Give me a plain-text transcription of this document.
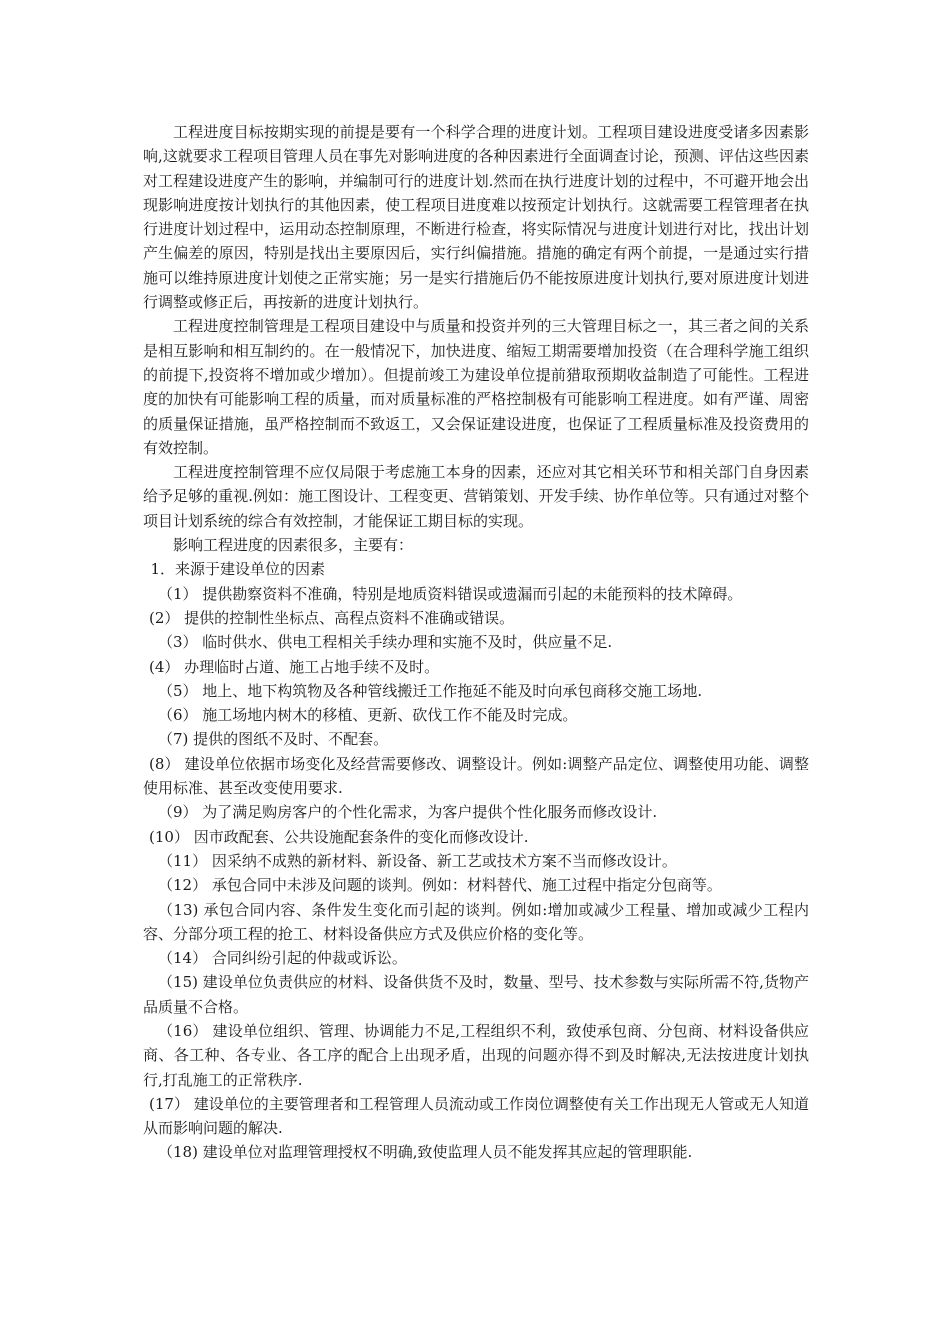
工程进度目标按期实现的前提是要有一个科学合理的进度计划。工程项目建设进度受诸多因素影响,这就要求工程项目管理人员在事先对影响进度的各种因素进行全面调查讨论，预测、评估这些因素对工程建设进度产生的影响，并编制可行的进度计划.然而在执行进度计划的过程中，不可避开地会出现影响进度按计划执行的其他因素，使工程项目进度难以按预定计划执行。这就需要工程管理者在执行进度计划过程中，运用动态控制原理，不断进行检查，将实际情况与进度计划进行对比，找出计划产生偏差的原因，特别是找出主要原因后，实行纠偏措施。措施的确定有两个前提，一是通过实行措施可以维持原进度计划使之正常实施；另一是实行措施后仍不能按原进度计划执行,要对原进度计划进行调整或修正后，再按新的进度计划执行。

工程进度控制管理是工程项目建设中与质量和投资并列的三大管理目标之一，其三者之间的关系是相互影响和相互制约的。在一般情况下，加快进度、缩短工期需要增加投资（在合理科学施工组织的前提下,投资将不增加或少增加）。但提前竣工为建设单位提前猎取预期收益制造了可能性。工程进度的加快有可能影响工程的质量，而对质量标准的严格控制极有可能影响工程进度。如有严谨、周密的质量保证措施，虽严格控制而不致返工，又会保证建设进度，也保证了工程质量标准及投资费用的有效控制。

工程进度控制管理不应仅局限于考虑施工本身的因素，还应对其它相关环节和相关部门自身因素给予足够的重视.例如：施工图设计、工程变更、营销策划、开发手续、协作单位等。只有通过对整个项目计划系统的综合有效控制，才能保证工期目标的实现。

影响工程进度的因素很多，主要有：

1．来源于建设单位的因素

（1） 提供勘察资料不准确，特别是地质资料错误或遗漏而引起的未能预料的技术障碍。

(2） 提供的控制性坐标点、高程点资料不准确或错误。

（3） 临时供水、供电工程相关手续办理和实施不及时，供应量不足.

(4） 办理临时占道、施工占地手续不及时。

（5） 地上、地下构筑物及各种管线搬迁工作拖延不能及时向承包商移交施工场地.

（6） 施工场地内树木的移植、更新、砍伐工作不能及时完成。

（7) 提供的图纸不及时、不配套。

(8） 建设单位依据市场变化及经营需要修改、调整设计。例如:调整产品定位、调整使用功能、调整使用标准、甚至改变使用要求.

（9） 为了满足购房客户的个性化需求，为客户提供个性化服务而修改设计.

(10） 因市政配套、公共设施配套条件的变化而修改设计.

（11） 因采纳不成熟的新材料、新设备、新工艺或技术方案不当而修改设计。

（12） 承包合同中未涉及问题的谈判。例如：材料替代、施工过程中指定分包商等。

（13) 承包合同内容、条件发生变化而引起的谈判。例如:增加或减少工程量、增加或减少工程内容、分部分项工程的抢工、材料设备供应方式及供应价格的变化等。

（14） 合同纠纷引起的仲裁或诉讼。

（15) 建设单位负责供应的材料、设备供货不及时，数量、型号、技术参数与实际所需不符,货物产品质量不合格。

（16） 建设单位组织、管理、协调能力不足,工程组织不利，致使承包商、分包商、材料设备供应商、各工种、各专业、各工序的配合上出现矛盾，出现的问题亦得不到及时解决,无法按进度计划执行,打乱施工的正常秩序.

(17） 建设单位的主要管理者和工程管理人员流动或工作岗位调整使有关工作出现无人管或无人知道从而影响问题的解决.

（18) 建设单位对监理管理授权不明确,致使监理人员不能发挥其应起的管理职能.
